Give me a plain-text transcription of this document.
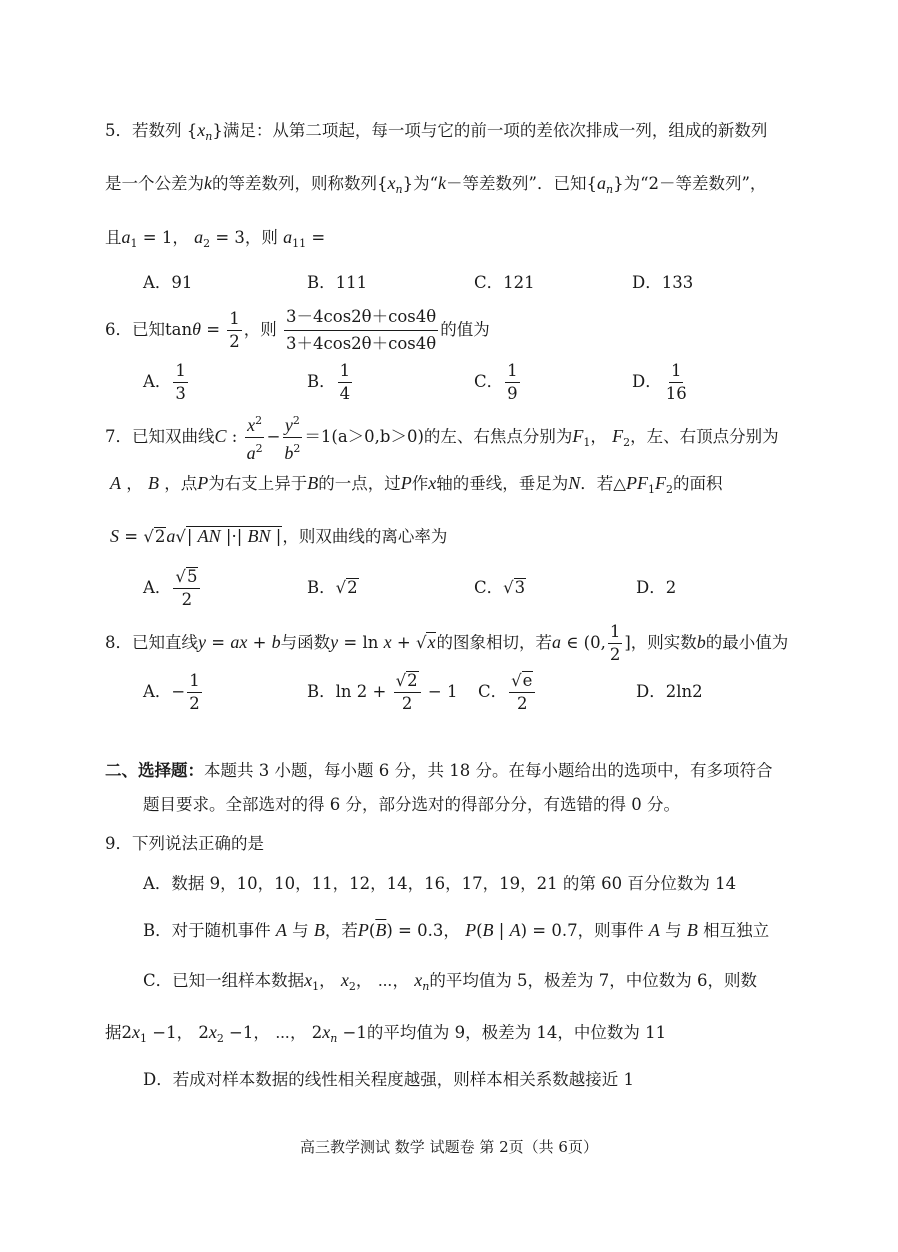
5．若数列 $\{x_n\}$满足：从第二项起，每一项与它的前一项的差依次排成一列，组成的新数列
是一个公差为k的等差数列，则称数列$\{x_n\}$为“k－等差数列”．已知$\{a_n\}$为“2－等差数列”，
且$a_1 = 1$， $a_2 = 3$，则 $a_{11}$ =
A．91	B．111	C．121	D．133
6．已知$\tan\theta = \frac{1}{2}$ ，则 $\frac{3-4\cos 2\theta+\cos 4\theta}{3+4\cos 2\theta+\cos 4\theta}$ 的值为
A． $\frac{1}{3}$	B． $\frac{1}{4}$	C． $\frac{1}{9}$	D． $\frac{1}{16}$
7．已知双曲线C : $\frac{x^2}{a^2} - \frac{y^2}{b^2} =1(a>0,b>0)$的左、右焦点分别为$F_1$， $F_2$，左、右顶点分别为
A ， B ，点P为右支上异于B的一点，过P作x轴的垂线，垂足为N．若$\triangle PF_1F_2$的面积
S = √2a√| AN |·| BN |，则双曲线的离心率为
A． $\frac{√5}{2}$	B．√2	C．√3	D．2
8．已知直线y = ax + b与函数y = ln x + √x的图象相切，若a ∈ (0, $\frac{1}{2}$ ]，则实数b的最小值为
A．− $\frac{1}{2}$	B．$\ln 2 + \frac{√2}{2} - 1$ C． $\frac{√e}{2}$	D．2ln2
二、选择题：本题共 3 小题，每小题 6 分，共 18 分。在每小题给出的选项中，有多项符合
题目要求。全部选对的得 6 分，部分选对的得部分分，有选错的得 0 分。
9．下列说法正确的是
A．数据 9，10，10，11，12，14，16，17，19，21 的第 60 百分位数为 14
B．对于随机事件 A 与 B，若$P(\overline{B}) = 0.3$， P(B | A) = 0.7，则事件 A 与 B 相互独立
C．已知一组样本数据$x_1$， $x_2$， ⋯， $x_n$的平均值为 5，极差为 7，中位数为 6，则数
据$2x_1 -1$， $2x_2 -1$， ⋯， $2x_n -1$的平均值为 9，极差为 14，中位数为 11
D．若成对样本数据的线性相关程度越强，则样本相关系数越接近 1
高三教学测试 数学 试题卷 第 2页（共 6页）
